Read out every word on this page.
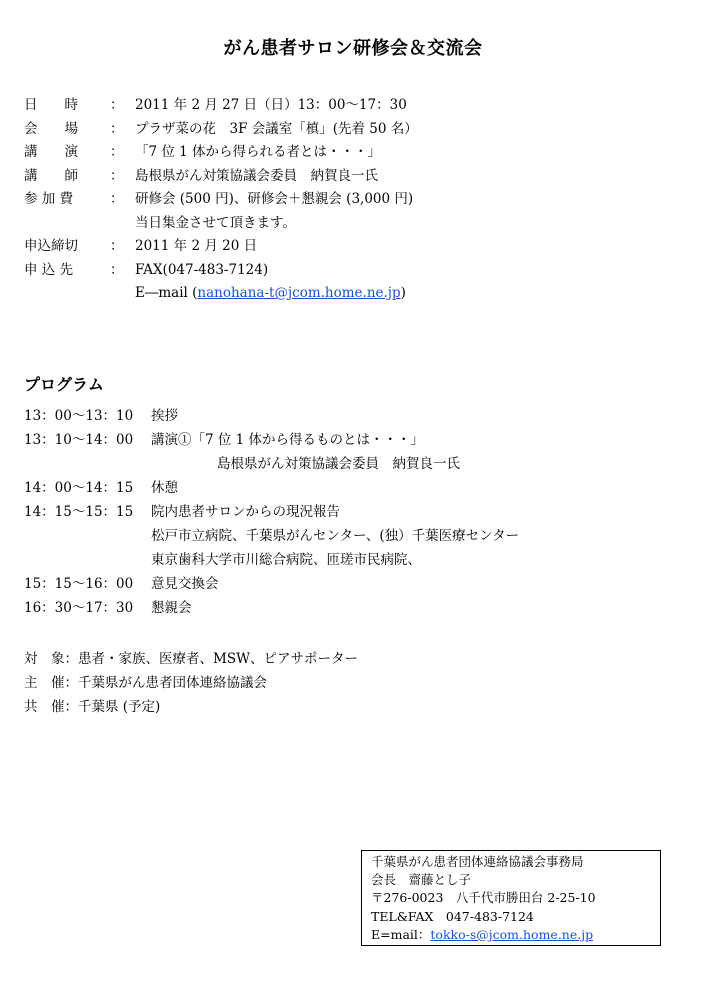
がん患者サロン研修会＆交流会
日　　時	： 2011 年 2 月 27 日（日）13：00〜17：30
会　　場	： プラザ菜の花　3F 会議室「槙」(先着 50 名）
講　　演	： 「7 位 1 体から得られる者とは・・・」
講　　師	： 島根県がん対策協議会委員　納賀良一氏
参 加 費	： 研修会 (500 円)、研修会＋懇親会 (3,000 円)
当日集金させて頂きます。
申込締切	： 2011 年 2 月 20 日
申 込 先	： FAX(047-483-7124)
E―mail (nanohana-t@jcom.home.ne.jp)
プログラム
13：00〜13：10 挨拶
13：10〜14：00 講演①「7 位 1 体から得るものとは・・・」
島根県がん対策協議会委員　納賀良一氏
14：00〜14：15 休憩
14：15〜15：15 院内患者サロンからの現況報告
松戸市立病院、千葉県がんセンター、(独）千葉医療センター
東京歯科大学市川総合病院、匝瑳市民病院、
15：15〜16：00 意見交換会
16：30〜17：30 懇親会
対　象：患者・家族、医療者、MSW、ピアサポーター
主　催：千葉県がん患者団体連絡協議会
共　催：千葉県 (予定)
千葉県がん患者団体連絡協議会事務局
会長　齋藤とし子
〒276-0023　八千代市勝田台 2-25-10
TEL&FAX　047-483-7124
E=mail：tokko-s@jcom.home.ne.jp
